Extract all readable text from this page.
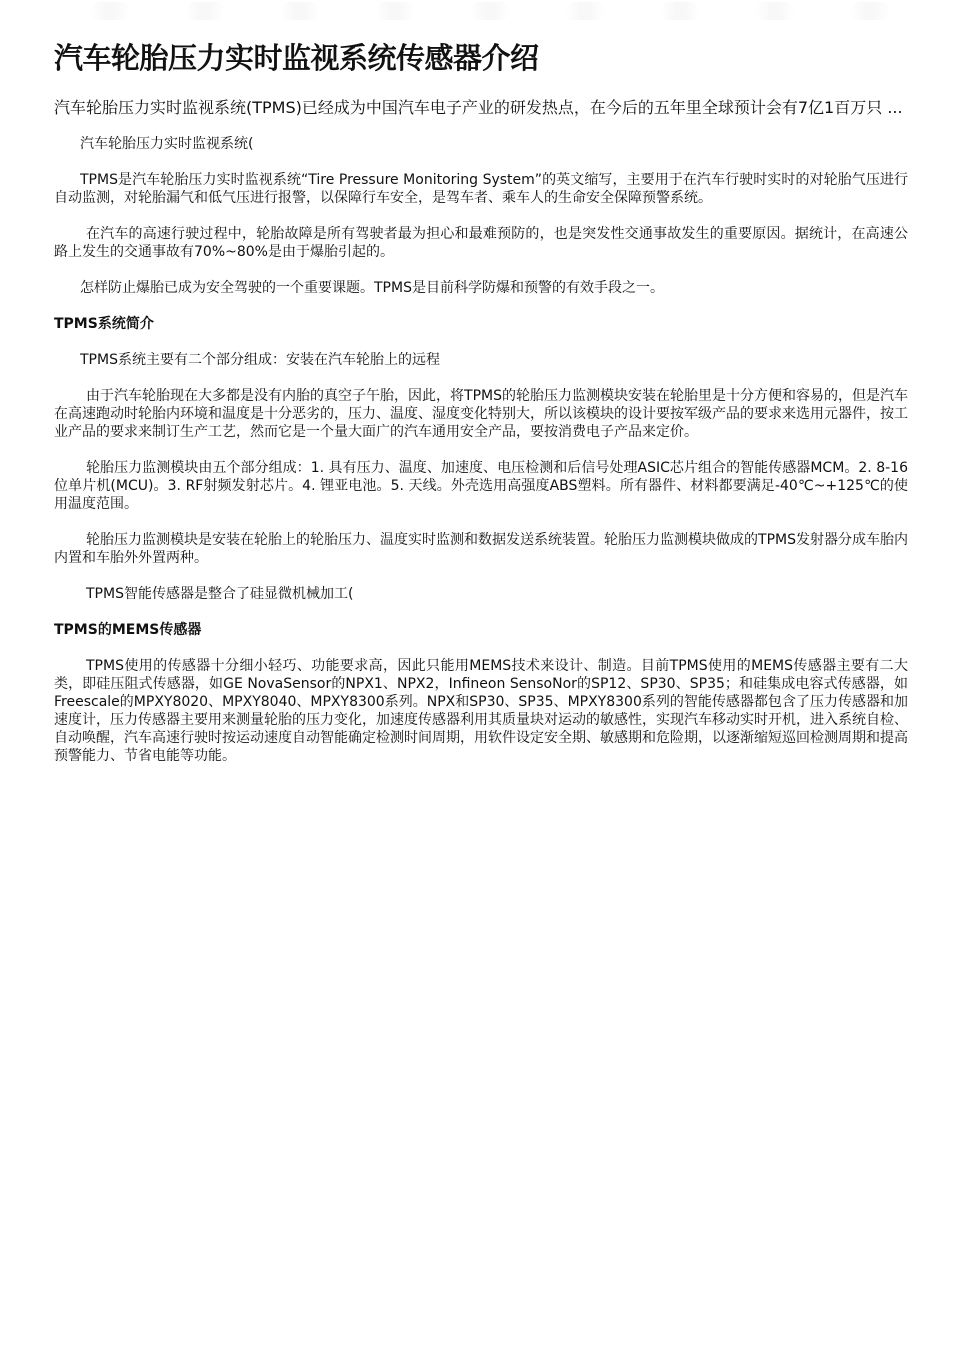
汽车轮胎压力实时监视系统传感器介绍

汽车轮胎压力实时监视系统(TPMS)已经成为中国汽车电子产业的研发热点，在今后的五年里全球预计会有7亿1百万只 ...

汽车轮胎压力实时监视系统(

TPMS是汽车轮胎压力实时监视系统“Tire Pressure Monitoring System”的英文缩写，主要用于在汽车行驶时实时的对轮胎气压进行自动监测，对轮胎漏气和低气压进行报警，以保障行车安全，是驾车者、乘车人的生命安全保障预警系统。

在汽车的高速行驶过程中，轮胎故障是所有驾驶者最为担心和最难预防的，也是突发性交通事故发生的重要原因。据统计，在高速公路上发生的交通事故有70%~80%是由于爆胎引起的。

怎样防止爆胎已成为安全驾驶的一个重要课题。TPMS是目前科学防爆和预警的有效手段之一。

TPMS系统简介

TPMS系统主要有二个部分组成：安装在汽车轮胎上的远程

由于汽车轮胎现在大多都是没有内胎的真空子午胎，因此，将TPMS的轮胎压力监测模块安装在轮胎里是十分方便和容易的，但是汽车在高速跑动时轮胎内环境和温度是十分恶劣的，压力、温度、湿度变化特别大，所以该模块的设计要按军级产品的要求来选用元器件，按工业产品的要求来制订生产工艺，然而它是一个量大面广的汽车通用安全产品，要按消费电子产品来定价。

轮胎压力监测模块由五个部分组成：1. 具有压力、温度、加速度、电压检测和后信号处理ASIC芯片组合的智能传感器MCM。2. 8-16位单片机(MCU)。3. RF射频发射芯片。4. 锂亚电池。5. 天线。外壳选用高强度ABS塑料。所有器件、材料都要满足-40℃~+125℃的使用温度范围。

轮胎压力监测模块是安装在轮胎上的轮胎压力、温度实时监测和数据发送系统装置。轮胎压力监测模块做成的TPMS发射器分成车胎内内置和车胎外外置两种。

TPMS智能传感器是整合了硅显微机械加工(

TPMS的MEMS传感器

TPMS使用的传感器十分细小轻巧、功能要求高，因此只能用MEMS技术来设计、制造。目前TPMS使用的MEMS传感器主要有二大类，即硅压阻式传感器，如GE NovaSensor的NPX1、NPX2，Infineon SensoNor的SP12、SP30、SP35；和硅集成电容式传感器，如Freescale的MPXY8020、MPXY8040、MPXY8300系列。NPX和SP30、SP35、MPXY8300系列的智能传感器都包含了压力传感器和加速度计，压力传感器主要用来测量轮胎的压力变化，加速度传感器利用其质量块对运动的敏感性，实现汽车移动实时开机，进入系统自检、自动唤醒，汽车高速行驶时按运动速度自动智能确定检测时间周期，用软件设定安全期、敏感期和危险期，以逐渐缩短巡回检测周期和提高预警能力、节省电能等功能。
